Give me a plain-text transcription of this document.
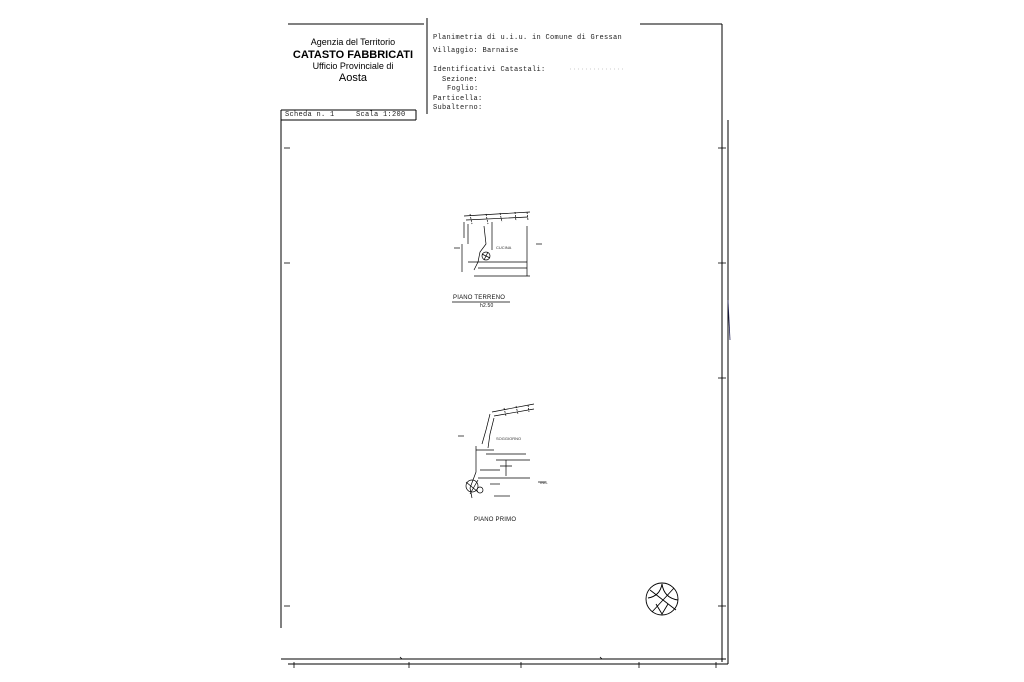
Agenzia del Territorio
CATASTO FABBRICATI
Ufficio Provinciale di
Aosta
Planimetria di u.i.u. in Comune di Gressan
Villaggio: Barnaise
Identificativi Catastali:
Sezione:
Foglio:
Particella:
Subalterno:
Scheda n. 1	Scala 1:200
CUCINA
PIANO TERRENO
h2.50
SOGGIORNO
ING.
PIANO PRIMO
